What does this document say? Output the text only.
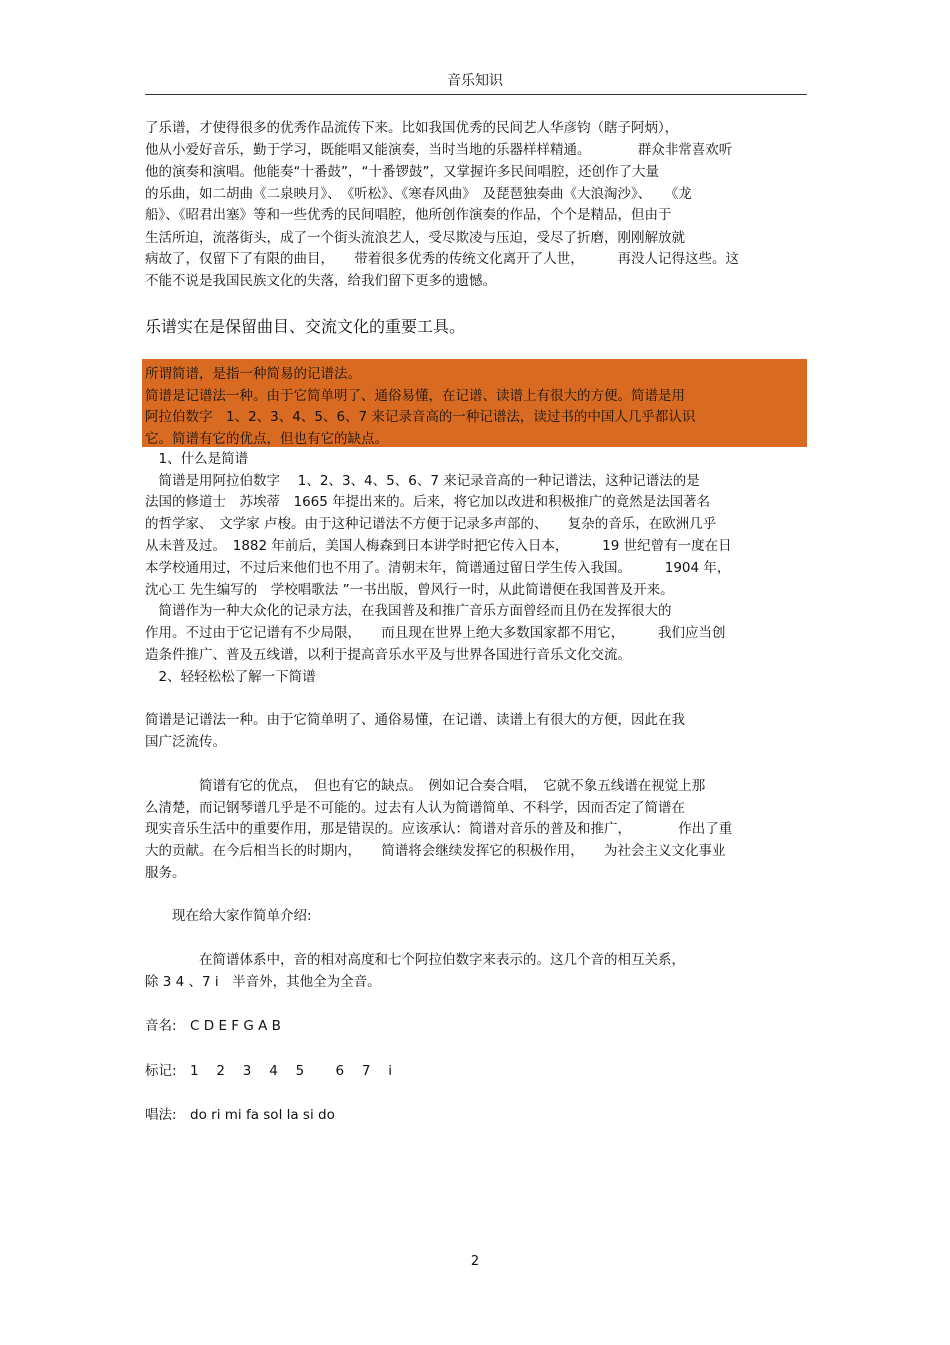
音乐知识
了乐谱，才使得很多的优秀作品流传下来。比如我国优秀的民间艺人华彦钧（瞎子阿炳），
他从小爱好音乐，勤于学习，既能唱又能演奏，当时当地的乐器样样精通。　　　　群众非常喜欢听
他的演奏和演唱。他能奏“十番鼓”，“十番锣鼓”，又掌握许多民间唱腔，还创作了大量
的乐曲，如二胡曲《二泉映月》、　《听松》、《寒春风曲》　及琵琶独奏曲《大浪淘沙》、　　《龙
船》、《昭君出塞》等和一些优秀的民间唱腔，他所创作演奏的作品，个个是精品，但由于
生活所迫，流落街头，成了一个街头流浪艺人，受尽欺凌与压迫，受尽了折磨，刚刚解放就
病故了，仅留下了有限的曲目，　　带着很多优秀的传统文化离开了人世，　　　再没人记得这些。这
不能不说是我国民族文化的失落，给我们留下更多的遗憾。
乐谱实在是保留曲目、交流文化的重要工具。
所谓简谱，是指一种简易的记谱法。
简谱是记谱法一种。由于它简单明了、通俗易懂，在记谱、读谱上有很大的方便。简谱是用
阿拉伯数字　1、2、3、4、5、6、7 来记录音高的一种记谱法，读过书的中国人几乎都认识
它。简谱有它的优点，但也有它的缺点。
　1、什么是简谱
　简谱是用阿拉伯数字　 1、2、3、4、5、6、7 来记录音高的一种记谱法，这种记谱法的是
法国的修道士　苏埃蒂　1665 年提出来的。后来，将它加以改进和积极推广的竟然是法国著名
的哲学家、　文学家 卢梭。由于这种记谱法不方便于记录多声部的、　　复杂的音乐，在欧洲几乎
从未普及过。　1882 年前后，美国人梅森到日本讲学时把它传入日本，　　　19 世纪曾有一度在日
本学校通用过，不过后来他们也不用了。清朝末年，简谱通过留日学生传入我国。　　　1904 年，
沈心工 先生编写的　学校唱歌法 ”一书出版，曾风行一时，从此简谱便在我国普及开来。
　简谱作为一种大众化的记录方法，在我国普及和推广音乐方面曾经而且仍在发挥很大的
作用。不过由于它记谱有不少局限，　　而且现在世界上绝大多数国家都不用它，　　　我们应当创
造条件推广、普及五线谱，以利于提高音乐水平及与世界各国进行音乐文化交流。
　2、轻轻松松了解一下简谱
简谱是记谱法一种。由于它简单明了、通俗易懂，在记谱、读谱上有很大的方便，因此在我
国广泛流传。
　　　　简谱有它的优点，　但也有它的缺点。　例如记合奏合唱，　它就不象五线谱在视觉上那
么清楚，而记钢琴谱几乎是不可能的。过去有人认为简谱简单、不科学，因而否定了简谱在
现实音乐生活中的重要作用，那是错误的。应该承认：简谱对音乐的普及和推广，　　　　作出了重
大的贡献。在今后相当长的时期内，　　简谱将会继续发挥它的积极作用，　　为社会主义文化事业
服务。
　　现在给大家作简单介绍:
　　　　在简谱体系中，音的相对高度和七个阿拉伯数字来表示的。这几个音的相互关系，
除 3 4 、7 i　半音外，其他全为全音。
音名:　C D E F G A B
标记:　1　 2　 3　 4　 5　　 6　 7　 i
唱法:　do ri mi fa sol la si do
2
